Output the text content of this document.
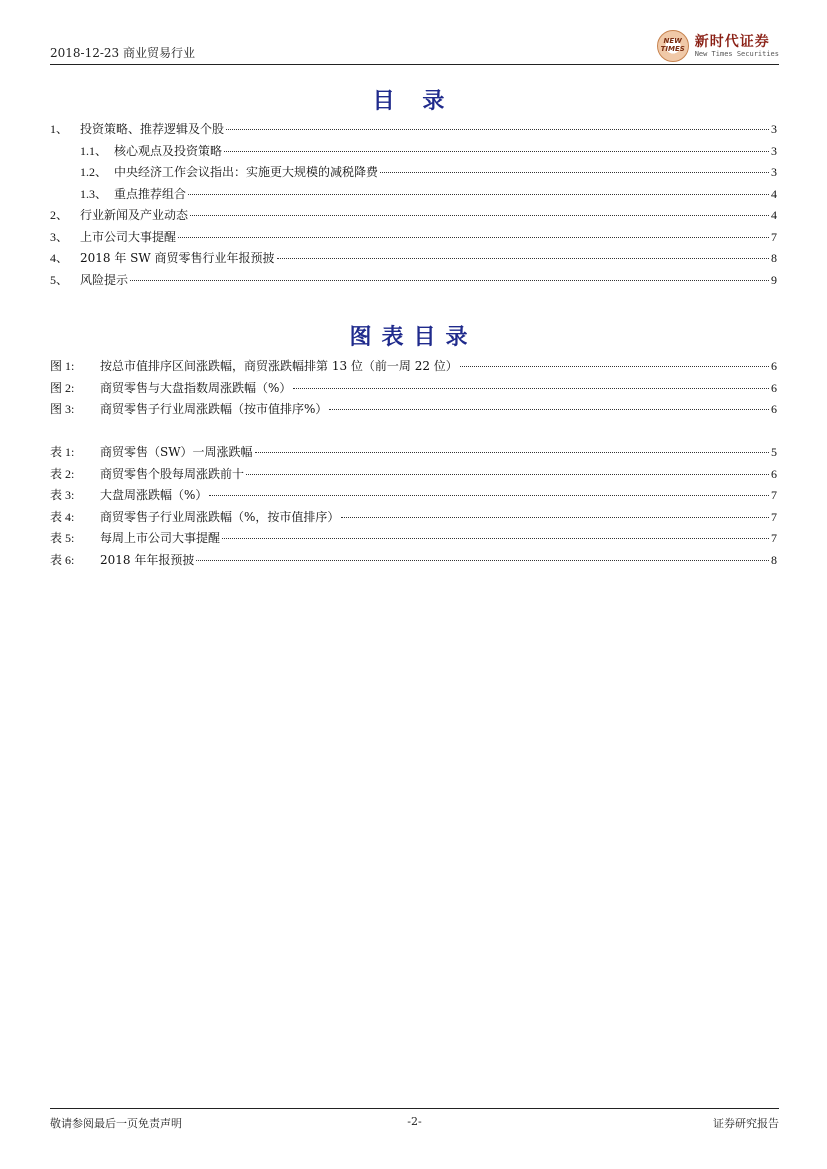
2018-12-23 商业贸易行业
NEW TIMES 新时代证券
New Times Securities
目 录
1、 投资策略、推荐逻辑及个股	3
1.1、 核心观点及投资策略	3
1.2、 中央经济工作会议指出：实施更大规模的减税降费	3
1.3、 重点推荐组合	4
2、 行业新闻及产业动态	4
3、 上市公司大事提醒	7
4、 2018 年 SW 商贸零售行业年报预披	8
5、 风险提示	9
图表目录
图 1:	按总市值排序区间涨跌幅，商贸涨跌幅排第 13 位（前一周 22 位）	6
图 2:	商贸零售与大盘指数周涨跌幅（%）	6
图 3:	商贸零售子行业周涨跌幅（按市值排序%）	6
表 1:	商贸零售（SW）一周涨跌幅	5
表 2:	商贸零售个股每周涨跌前十	6
表 3:	大盘周涨跌幅（%）	7
表 4:	商贸零售子行业周涨跌幅（%，按市值排序）	7
表 5:	每周上市公司大事提醒	7
表 6:	2018 年年报预披	8
敬请参阅最后一页免责声明	-2-	证券研究报告
